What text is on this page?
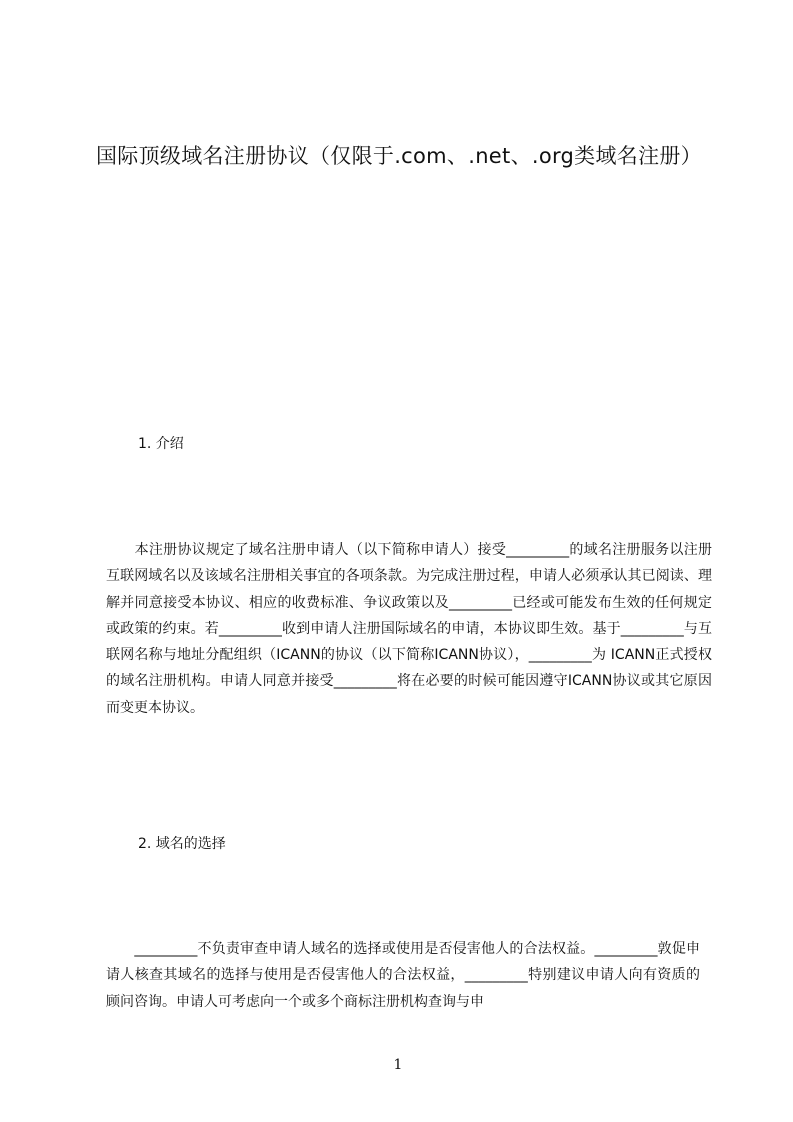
国际顶级域名注册协议（仅限于.com、.net、.org类域名注册）
1. 介绍
　　本注册协议规定了域名注册申请人（以下简称申请人）接受_________的域名注册服务以注册互联网域名以及该域名注册相关事宜的各项条款。为完成注册过程，申请人必须承认其已阅读、理解并同意接受本协议、相应的收费标准、争议政策以及_________已经或可能发布生效的任何规定或政策的约束。若_________收到申请人注册国际域名的申请，本协议即生效。基于_________与互联网名称与地址分配组织（ICANN的协议（以下简称ICANN协议），_________为 ICANN正式授权的域名注册机构。申请人同意并接受_________将在必要的时候可能因遵守ICANN协议或其它原因而变更本协议。
2. 域名的选择
　　_________不负责审查申请人域名的选择或使用是否侵害他人的合法权益。_________敦促申请人核查其域名的选择与使用是否侵害他人的合法权益，_________特别建议申请人向有资质的顾问咨询。申请人可考虑向一个或多个商标注册机构查询与申
1
